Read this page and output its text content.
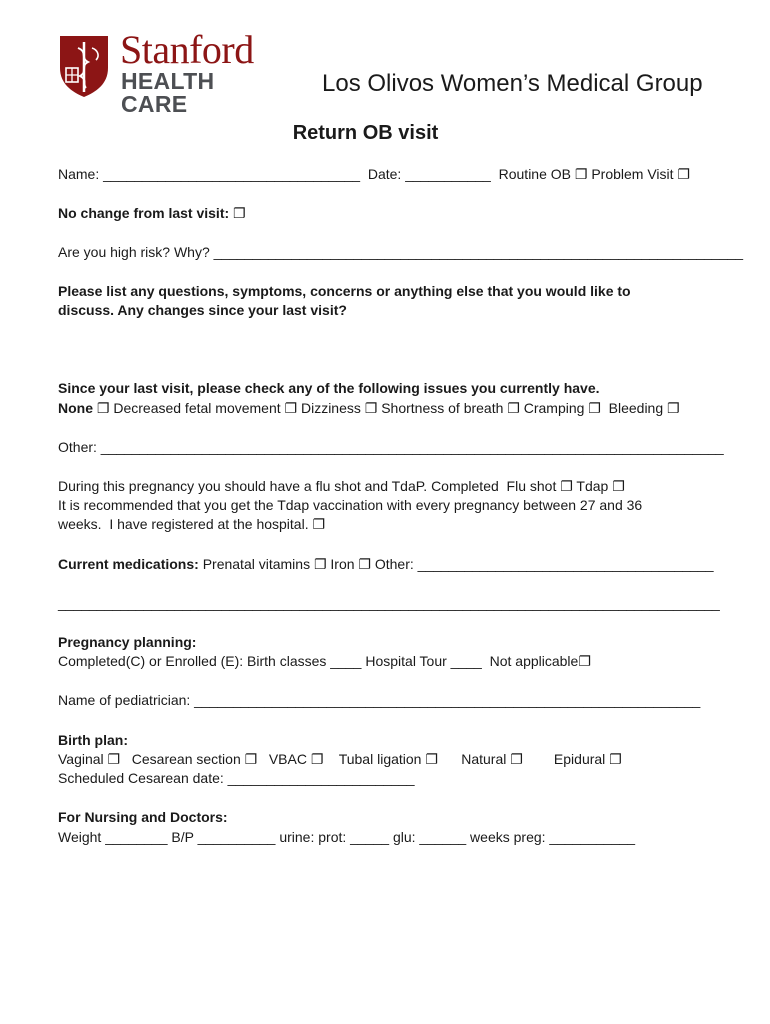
Stanford
HEALTH CARE
Los Olivos Women’s Medical Group
Return OB visit
Name: _________________________________  Date: ___________  Routine OB ❐ Problem Visit ❐
No change from last visit: ❐
Are you high risk? Why? ____________________________________________________________________
Please list any questions, symptoms, concerns or anything else that you would like to
discuss. Any changes since your last visit?
Since your last visit, please check any of the following issues you currently have.
None ❐ Decreased fetal movement ❐ Dizziness ❐ Shortness of breath ❐ Cramping ❐  Bleeding ❐
Other: ________________________________________________________________________________
During this pregnancy you should have a flu shot and TdaP. Completed  Flu shot ❐ Tdap ❐
It is recommended that you get the Tdap vaccination with every pregnancy between 27 and 36
weeks.  I have registered at the hospital. ❐
Current medications: Prenatal vitamins ❐ Iron ❐ Other: ______________________________________
_____________________________________________________________________________________
Pregnancy planning:
Completed(C) or Enrolled (E): Birth classes ____ Hospital Tour ____  Not applicable❐
Name of pediatrician: _________________________________________________________________
Birth plan:
Vaginal ❐   Cesarean section ❐   VBAC ❐    Tubal ligation ❐      Natural ❐        Epidural ❐
Scheduled Cesarean date: ________________________
For Nursing and Doctors:
Weight ________ B/P __________ urine: prot: _____ glu: ______ weeks preg: ___________
